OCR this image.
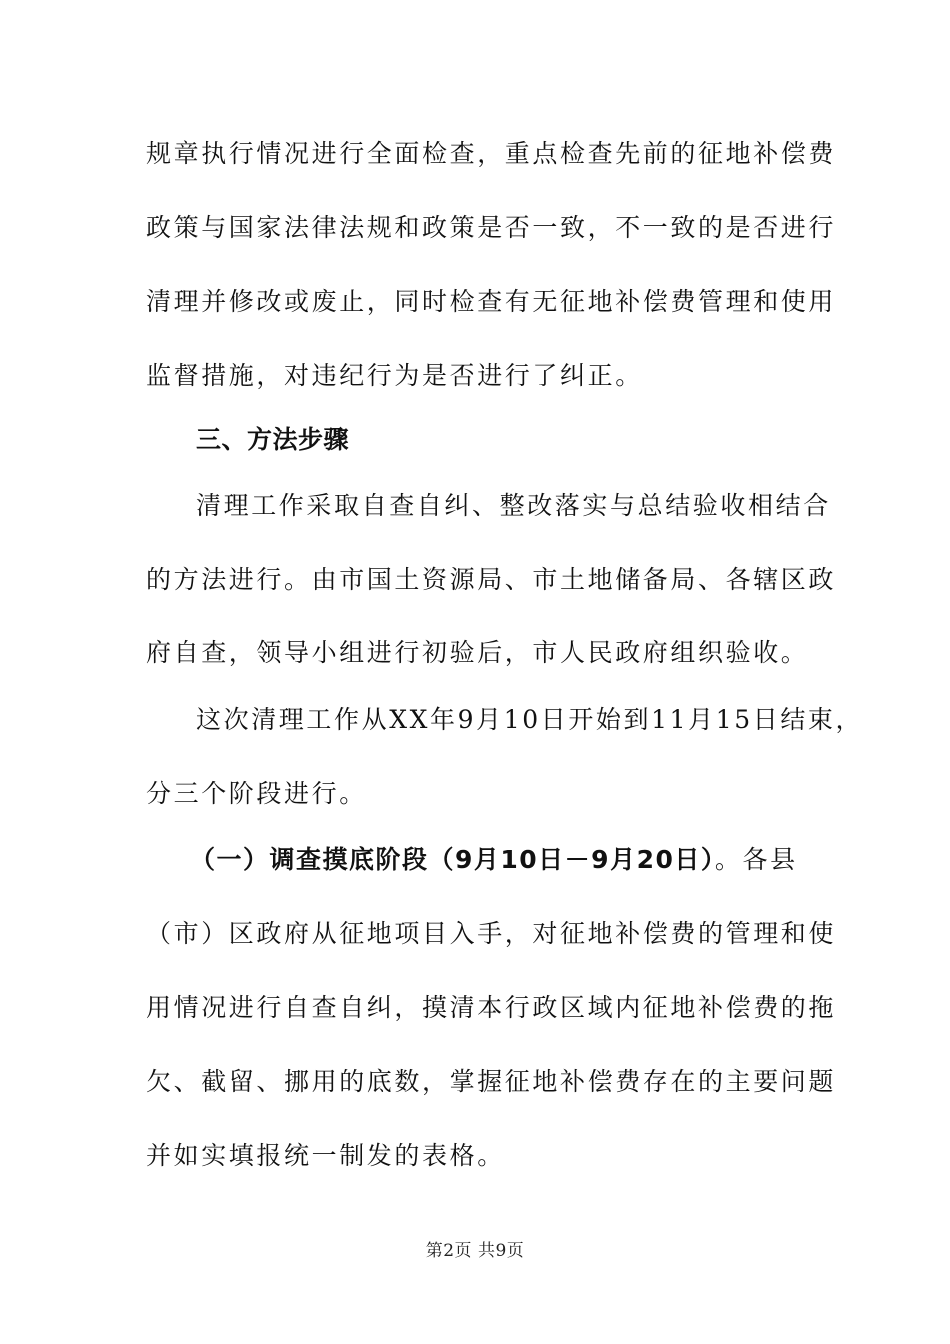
规章执行情况进行全面检查，重点检查先前的征地补偿费
政策与国家法律法规和政策是否一致，不一致的是否进行
清理并修改或废止，同时检查有无征地补偿费管理和使用
监督措施，对违纪行为是否进行了纠正。
三、方法步骤
清理工作采取自查自纠、整改落实与总结验收相结合
的方法进行。由市国土资源局、市土地储备局、各辖区政
府自查，领导小组进行初验后，市人民政府组织验收。
这次清理工作从XX年9月10日开始到11月15日结束，
分三个阶段进行。
（一）调查摸底阶段（9月10日－9月20日）。各县
（市）区政府从征地项目入手，对征地补偿费的管理和使
用情况进行自查自纠，摸清本行政区域内征地补偿费的拖
欠、截留、挪用的底数，掌握征地补偿费存在的主要问题
并如实填报统一制发的表格。
第2页 共9页
